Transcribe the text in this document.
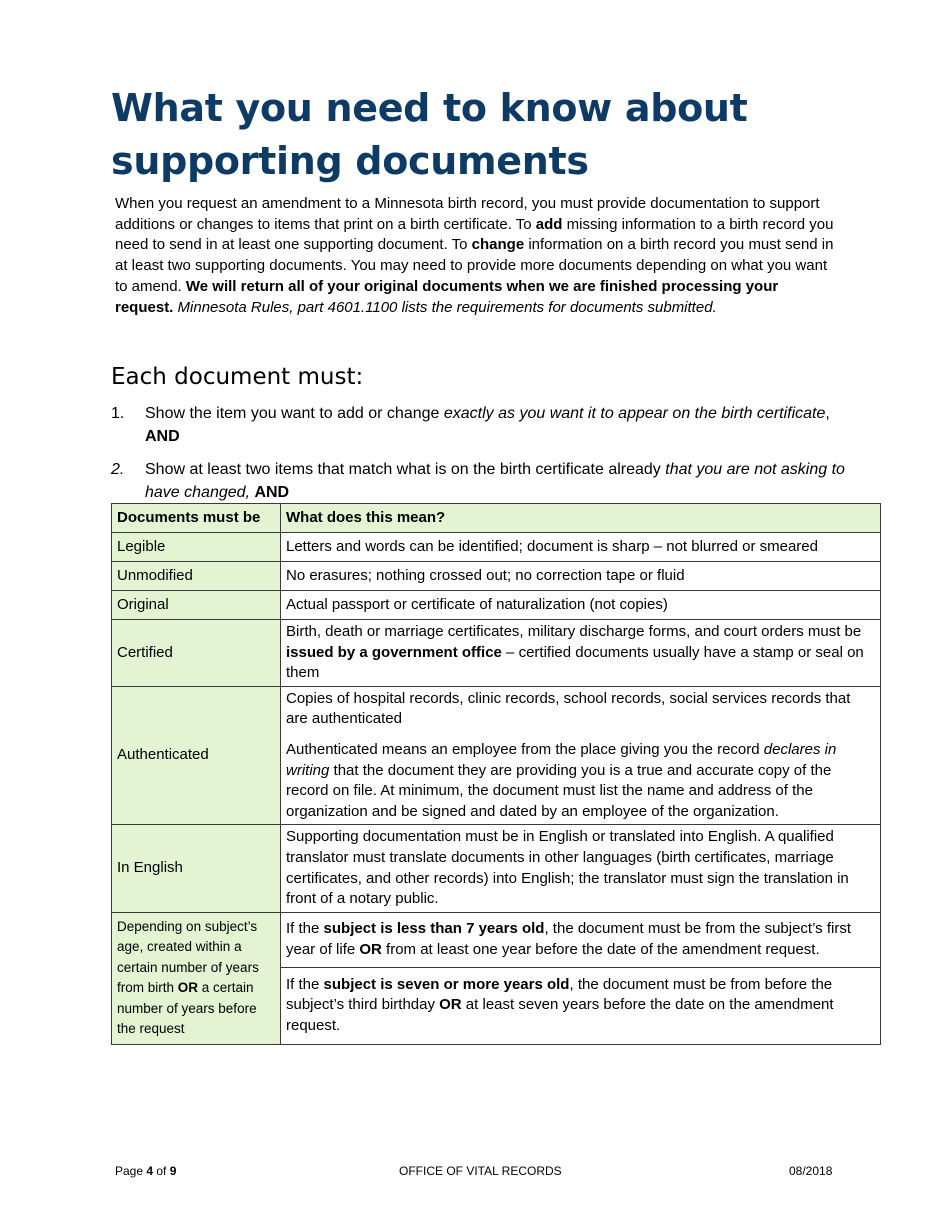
What you need to know about
supporting documents

When you request an amendment to a Minnesota birth record, you must provide documentation to support additions or changes to items that print on a birth certificate. To add missing information to a birth record you need to send in at least one supporting document. To change information on a birth record you must send in at least two supporting documents. You may need to provide more documents depending on what you want to amend. We will return all of your original documents when we are finished processing your request. Minnesota Rules, part 4601.1100 lists the requirements for documents submitted.

Each document must:
1. Show the item you want to add or change exactly as you want it to appear on the birth certificate, AND
2. Show at least two items that match what is on the birth certificate already that you are not asking to have changed, AND
Documents must be	What does this mean?
Legible	Letters and words can be identified; document is sharp – not blurred or smeared
Unmodified	No erasures; nothing crossed out; no correction tape or fluid
Original	Actual passport or certificate of naturalization (not copies)
Certified	Birth, death or marriage certificates, military discharge forms, and court orders must be issued by a government office – certified documents usually have a stamp or seal on them
Authenticated	Copies of hospital records, clinic records, school records, social services records that are authenticated
Authenticated means an employee from the place giving you the record declares in writing that the document they are providing you is a true and accurate copy of the record on file. At minimum, the document must list the name and address of the organization and be signed and dated by an employee of the organization.

In English	Supporting documentation must be in English or translated into English. A qualified translator must translate documents in other languages (birth certificates, marriage certificates, and other records) into English; the translator must sign the translation in front of a notary public.
Depending on subject’s age, created within a certain number of years from birth OR a certain number of years before the request	If the subject is less than 7 years old, the document must be from the subject’s first year of life OR from at least one year before the date of the amendment request.
	If the subject is seven or more years old, the document must be from before the subject’s third birthday OR at least seven years before the date on the amendment request.
Page 4 of 9	OFFICE OF VITAL RECORDS	08/2018
